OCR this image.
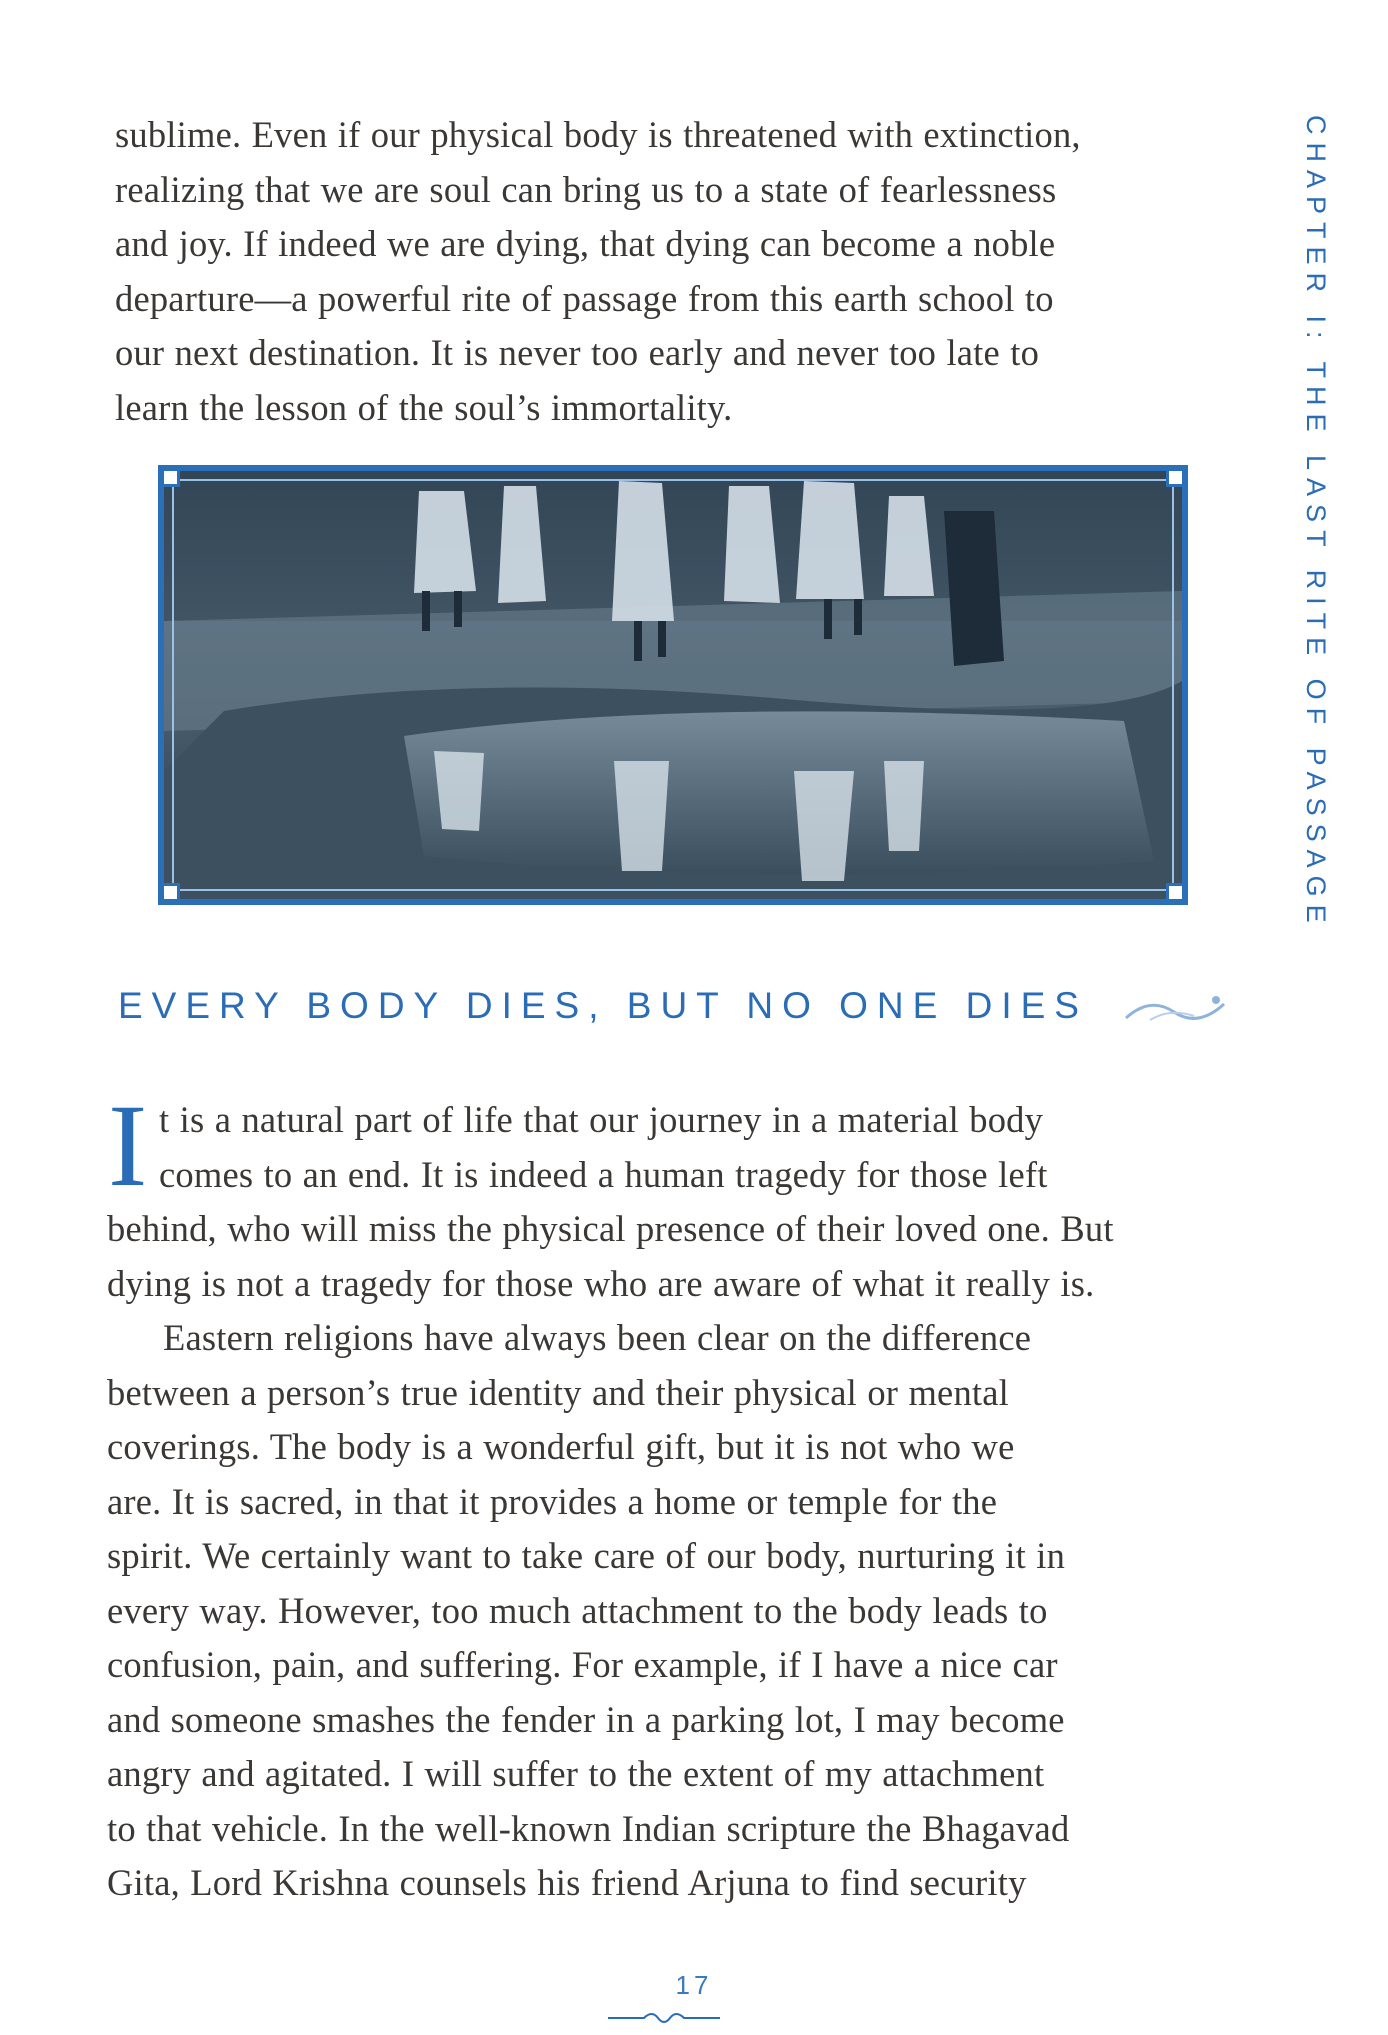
sublime. Even if our physical body is threatened with extinction,
realizing that we are soul can bring us to a state of fearlessness
and joy. If indeed we are dying, that dying can become a noble
departure—a powerful rite of passage from this earth school to
our next destination. It is never too early and never too late to
learn the lesson of the soul’s immortality.
EVERY BODY DIES, BUT NO ONE DIES
I t is a natural part of life that our journey in a material body
comes to an end. It is indeed a human tragedy for those left
behind, who will miss the physical presence of their loved one. But
dying is not a tragedy for those who are aware of what it really is.
Eastern religions have always been clear on the difference
between a person’s true identity and their physical or mental
coverings. The body is a wonderful gift, but it is not who we
are. It is sacred, in that it provides a home or temple for the
spirit. We certainly want to take care of our body, nurturing it in
every way. However, too much attachment to the body leads to
confusion, pain, and suffering. For example, if I have a nice car
and someone smashes the fender in a parking lot, I may become
angry and agitated. I will suffer to the extent of my attachment
to that vehicle. In the well-known Indian scripture the Bhagavad
Gita, Lord Krishna counsels his friend Arjuna to find security
CHAPTER I: THE LAST RITE OF PASSAGE
17
